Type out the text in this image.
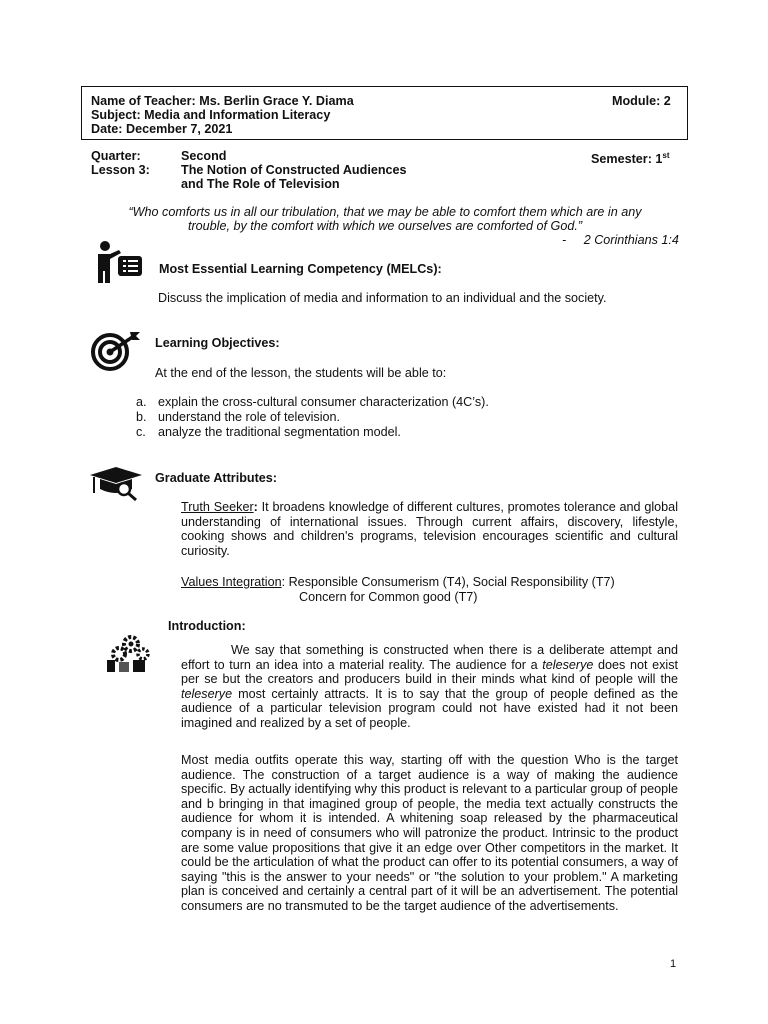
Name of Teacher: Ms. Berlin Grace Y. Diama
Subject: Media and Information Literacy
Date: December 7, 2021
Module: 2
Quarter:	Second
Lesson 3: The Notion of Constructed Audiences
and The Role of Television
Semester: 1st
“Who comforts us in all our tribulation, that we may be able to comfort them which are in any
trouble, by the comfort with which we ourselves are comforted of God.”
-     2 Corinthians 1:4
Most Essential Learning Competency (MELCs):
Discuss the implication of media and information to an individual and the society.
Learning Objectives:
At the end of the lesson, the students will be able to:
a. explain the cross-cultural consumer characterization (4C’s).
b. understand the role of television.
c. analyze the traditional segmentation model.
Graduate Attributes:

Truth Seeker: It broadens knowledge of different cultures, promotes tolerance and global understanding of international issues. Through current affairs, discovery, lifestyle, cooking shows and children's programs, television encourages scientific and cultural curiosity.

Values Integration: Responsible Consumerism (T4), Social Responsibility (T7)
Concern for Common good (T7)
Introduction:

We say that something is constructed when there is a deliberate attempt and effort to turn an idea into a material reality. The audience for a teleserye does not exist per se but the creators and producers build in their minds what kind of people will the teleserye most certainly attracts. It is to say that the group of people defined as the audience of a particular television program could not have existed had it not been imagined and realized by a set of people.

Most media outfits operate this way, starting off with the question Who is the target audience. The construction of a target audience is a way of making the audience specific. By actually identifying why this product is relevant to a particular group of people and b bringing in that imagined group of people, the media text actually constructs the audience for whom it is intended. A whitening soap released by the pharmaceutical company is in need of consumers who will patronize the product. Intrinsic to the product are some value propositions that give it an edge over Other competitors in the market. It could be the articulation of what the product can offer to its potential consumers, a way of saying "this is the answer to your needs" or "the solution to your problem." A marketing plan is conceived and certainly a central part of it will be an advertisement. The potential consumers are no transmuted to be the target audience of the advertisements.

1
